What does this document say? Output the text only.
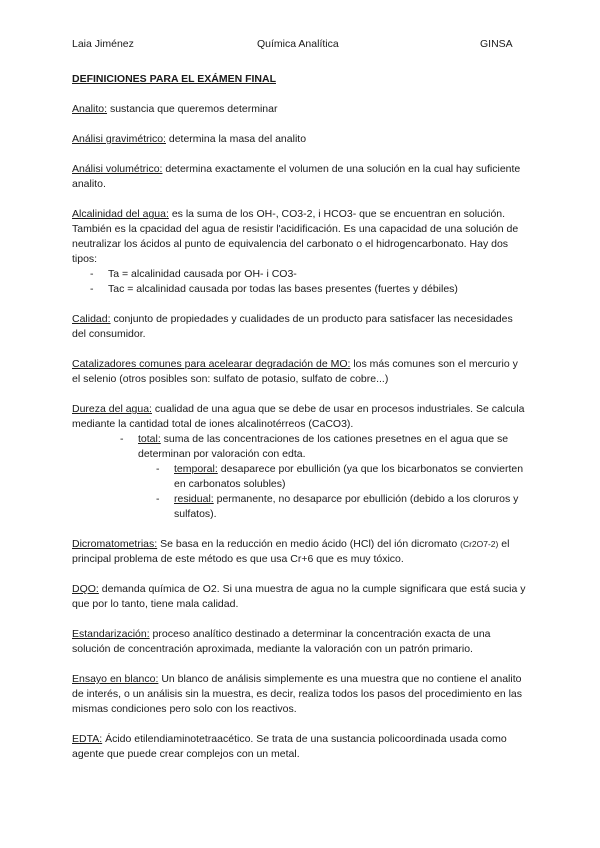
Laia Jiménez	Química Analítica	GINSA
DEFINICIONES PARA EL EXÁMEN FINAL

Analito: sustancia que queremos determinar

Análisi gravimétrico: determina la masa del analito

Análisi volumétrico: determina exactamente el volumen de una solución en la cual hay suficiente analito.

Alcalinidad del agua: es la suma de los OH-, CO3-2, i HCO3- que se encuentran en solución. También es la cpacidad del agua de resistir l'acidificación. Es una capacidad de una solución de neutralizar los ácidos al punto de equivalencia del carbonato o el hidrogencarbonato. Hay dos tipos:
- Ta = alcalinidad causada por OH- i CO3-
- Tac = alcalinidad causada por todas las bases presentes (fuertes y débiles)

Calidad: conjunto de propiedades y cualidades de un producto para satisfacer las necesidades del consumidor.

Catalizadores comunes para acelearar degradación de MO: los más comunes son el mercurio y el selenio (otros posibles son: sulfato de potasio, sulfato de cobre...)

Dureza del agua: cualidad de una agua que se debe de usar en procesos industriales. Se calcula mediante la cantidad total de iones alcalinotérreos (CaCO3).
- total: suma de las concentraciones de los cationes presetnes en el agua que se determinan por valoración con edta.
- temporal: desaparece por ebullición (ya que los bicarbonatos se convierten en carbonatos solubles)
- residual: permanente, no desaparce por ebullición (debido a los cloruros y sulfatos).

Dicromatometrias: Se basa en la reducción en medio ácido (HCl) del ión dicromato (Cr2O7-2) el principal problema de este método es que usa Cr+6 que es muy tóxico.

DQO: demanda química de O2. Si una muestra de agua no la cumple significara que está sucia y que por lo tanto, tiene mala calidad.

Estandarización: proceso analítico destinado a determinar la concentración exacta de una solución de concentración aproximada, mediante la valoración con un patrón primario.

Ensayo en blanco: Un blanco de análisis simplemente es una muestra que no contiene el analito de interés, o un análisis sin la muestra, es decir, realiza todos los pasos del procedimiento en las mismas condiciones pero solo con los reactivos.

EDTA: Ácido etilendiaminotetraacético. Se trata de una sustancia policoordinada usada como agente que puede crear complejos con un metal.
